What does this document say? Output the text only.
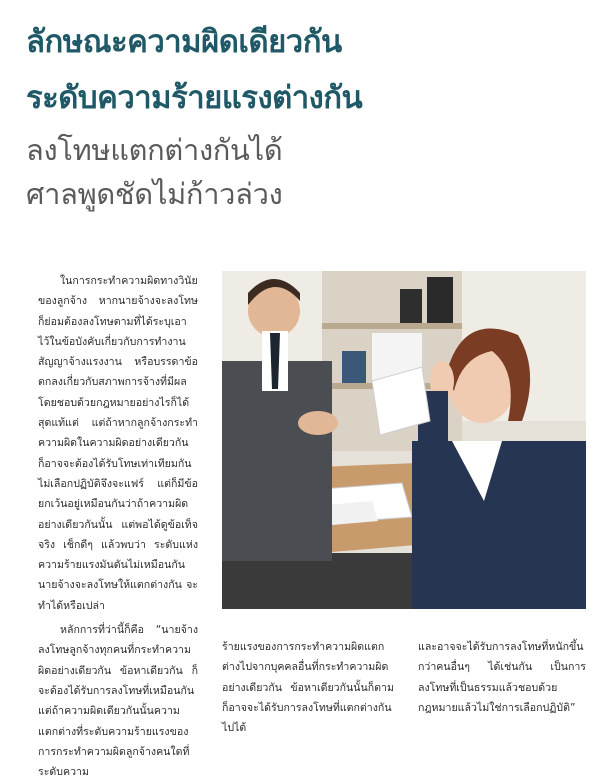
ลักษณะความผิดเดียวกัน
ระดับความร้ายแรงต่างกัน
ลงโทษแตกต่างกันได้
ศาลพูดชัดไม่ก้าวล่วง

ในการกระทำความผิดทางวินัยของลูกจ้าง หากนายจ้างจะลงโทษ ก็ย่อมต้องลงโทษตามที่ได้ระบุเอาไว้ในข้อบังคับเกี่ยวกับการทำงาน สัญญาจ้างแรงงาน หรือบรรดาข้อตกลงเกี่ยวกับสภาพการจ้างที่มีผลโดยชอบด้วยกฎหมายอย่างไรก็ได้ สุดแท้แต่ แต่ถ้าหากลูกจ้างกระทำความผิดในความผิดอย่างเดียวกัน ก็อาจจะต้องได้รับโทษเท่าเทียมกัน ไม่เลือกปฏิบัติจึงจะแฟร์ แต่ก็มีข้อยกเว้นอยู่เหมือนกันว่าถ้าความผิดอย่างเดียวกันนั้น แต่พอได้ดูข้อเท็จจริง เช็กดีๆ แล้วพบว่า ระดับแห่งความร้ายแรงมันดันไม่เหมือนกัน นายจ้างจะลงโทษให้แตกต่างกัน จะทำได้หรือเปล่า

หลักการที่ว่านี้ก็คือ “นายจ้างลงโทษลูกจ้างทุกคนที่กระทำความผิดอย่างเดียวกัน ข้อหาเดียวกัน ก็จะต้องได้รับการลงโทษที่เหมือนกัน แต่ถ้าความผิดเดียวกันนั้นความแตกต่างที่ระดับความร้ายแรงของการกระทำความผิดลูกจ้างคนใดที่ระดับความ

ร้ายแรงของการกระทำความผิดแตกต่างไปจากบุคคลอื่นที่กระทำความผิดอย่างเดียวกัน ข้อหาเดียวกันนั้นก็ตาม ก็อาจจะได้รับการลงโทษที่แตกต่างกันไปได้

และอาจจะได้รับการลงโทษที่หนักขึ้นกว่าคนอื่นๆ ได้เช่นกัน เป็นการลงโทษที่เป็นธรรมแล้วชอบด้วยกฎหมายแล้วไม่ใช่การเลือกปฏิบัติ”
